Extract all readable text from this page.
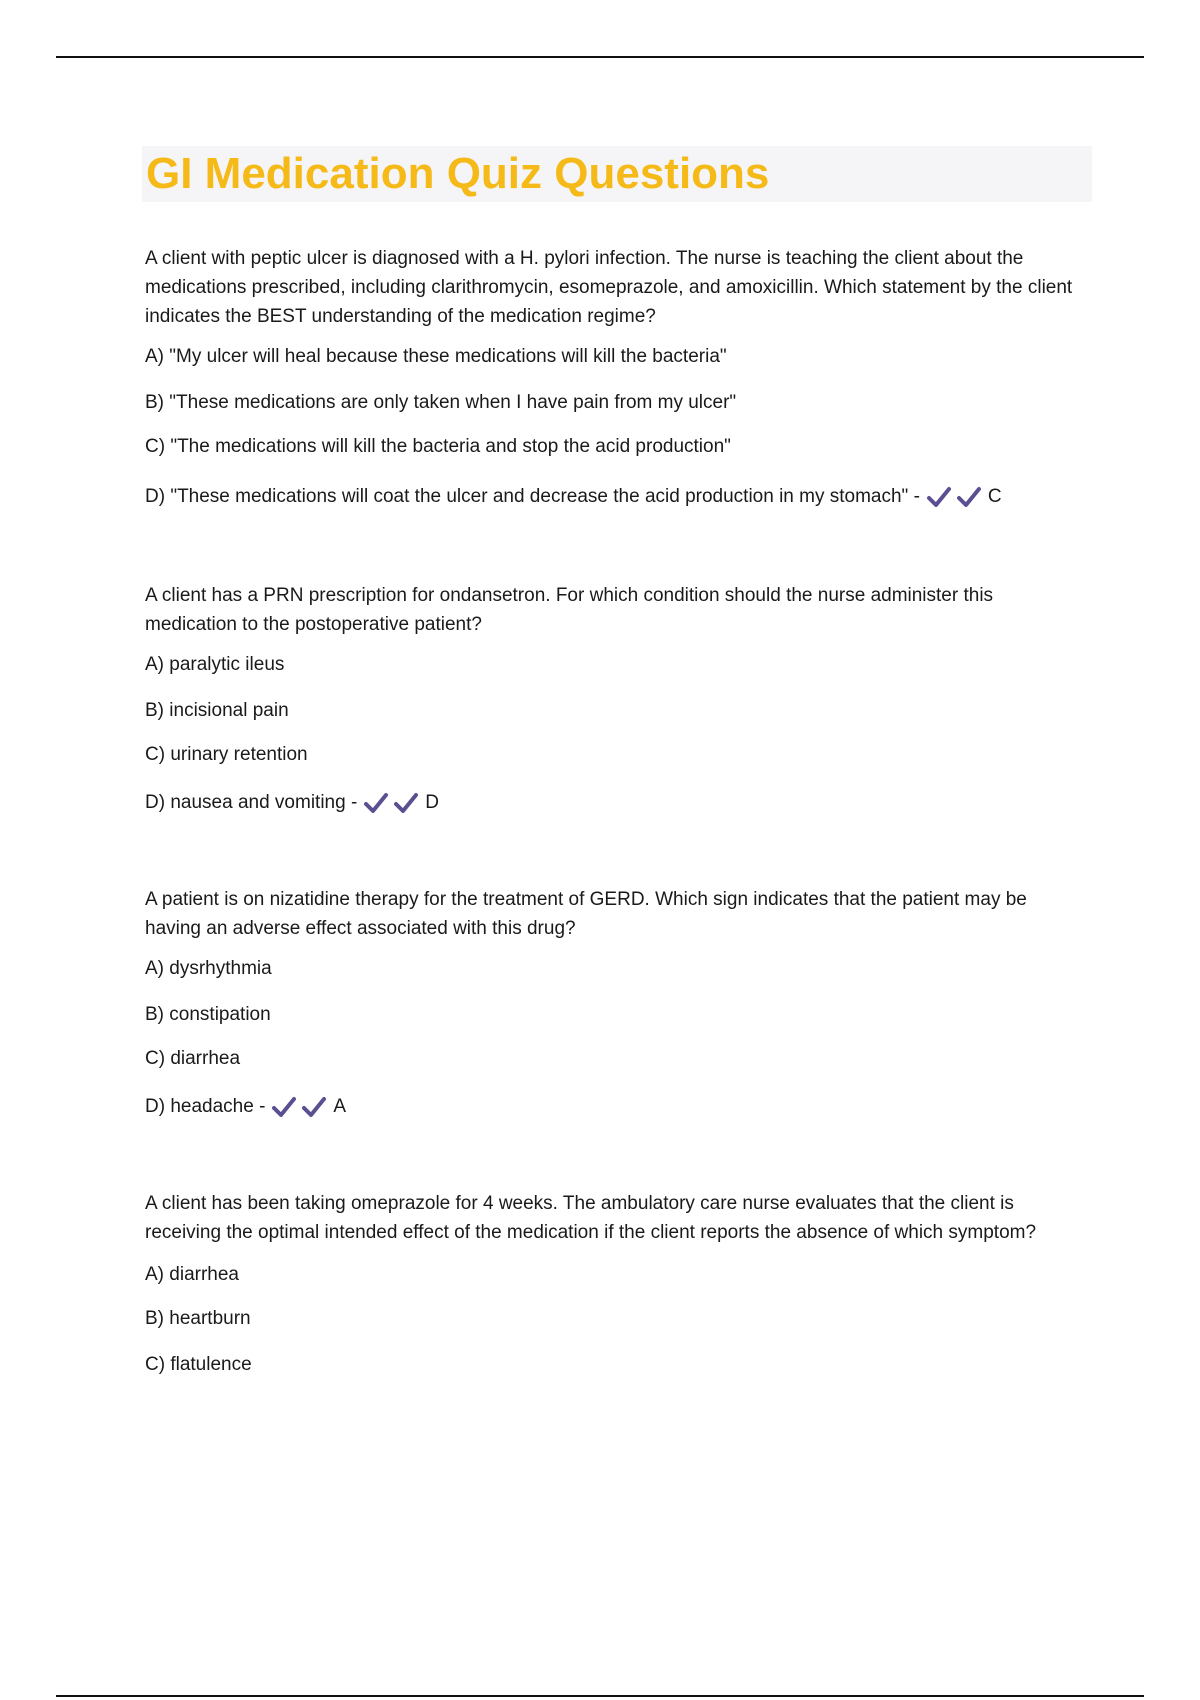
GI Medication Quiz Questions

A client with peptic ulcer is diagnosed with a H. pylori infection. The nurse is teaching the client about the medications prescribed, including clarithromycin, esomeprazole, and amoxicillin. Which statement by the client indicates the BEST understanding of the medication regime?

A) "My ulcer will heal because these medications will kill the bacteria"
B) "These medications are only taken when I have pain from my ulcer"
C) "The medications will kill the bacteria and stop the acid production"
D) "These medications will coat the ulcer and decrease the acid production in my stomach" -	C

A client has a PRN prescription for ondansetron. For which condition should the nurse administer this medication to the postoperative patient?

A) paralytic ileus
B) incisional pain
C) urinary retention
D) nausea and vomiting -	D

A patient is on nizatidine therapy for the treatment of GERD. Which sign indicates that the patient may be having an adverse effect associated with this drug?

A) dysrhythmia
B) constipation
C) diarrhea
D) headache -	A

A client has been taking omeprazole for 4 weeks. The ambulatory care nurse evaluates that the client is receiving the optimal intended effect of the medication if the client reports the absence of which symptom?

A) diarrhea
B) heartburn
C) flatulence
